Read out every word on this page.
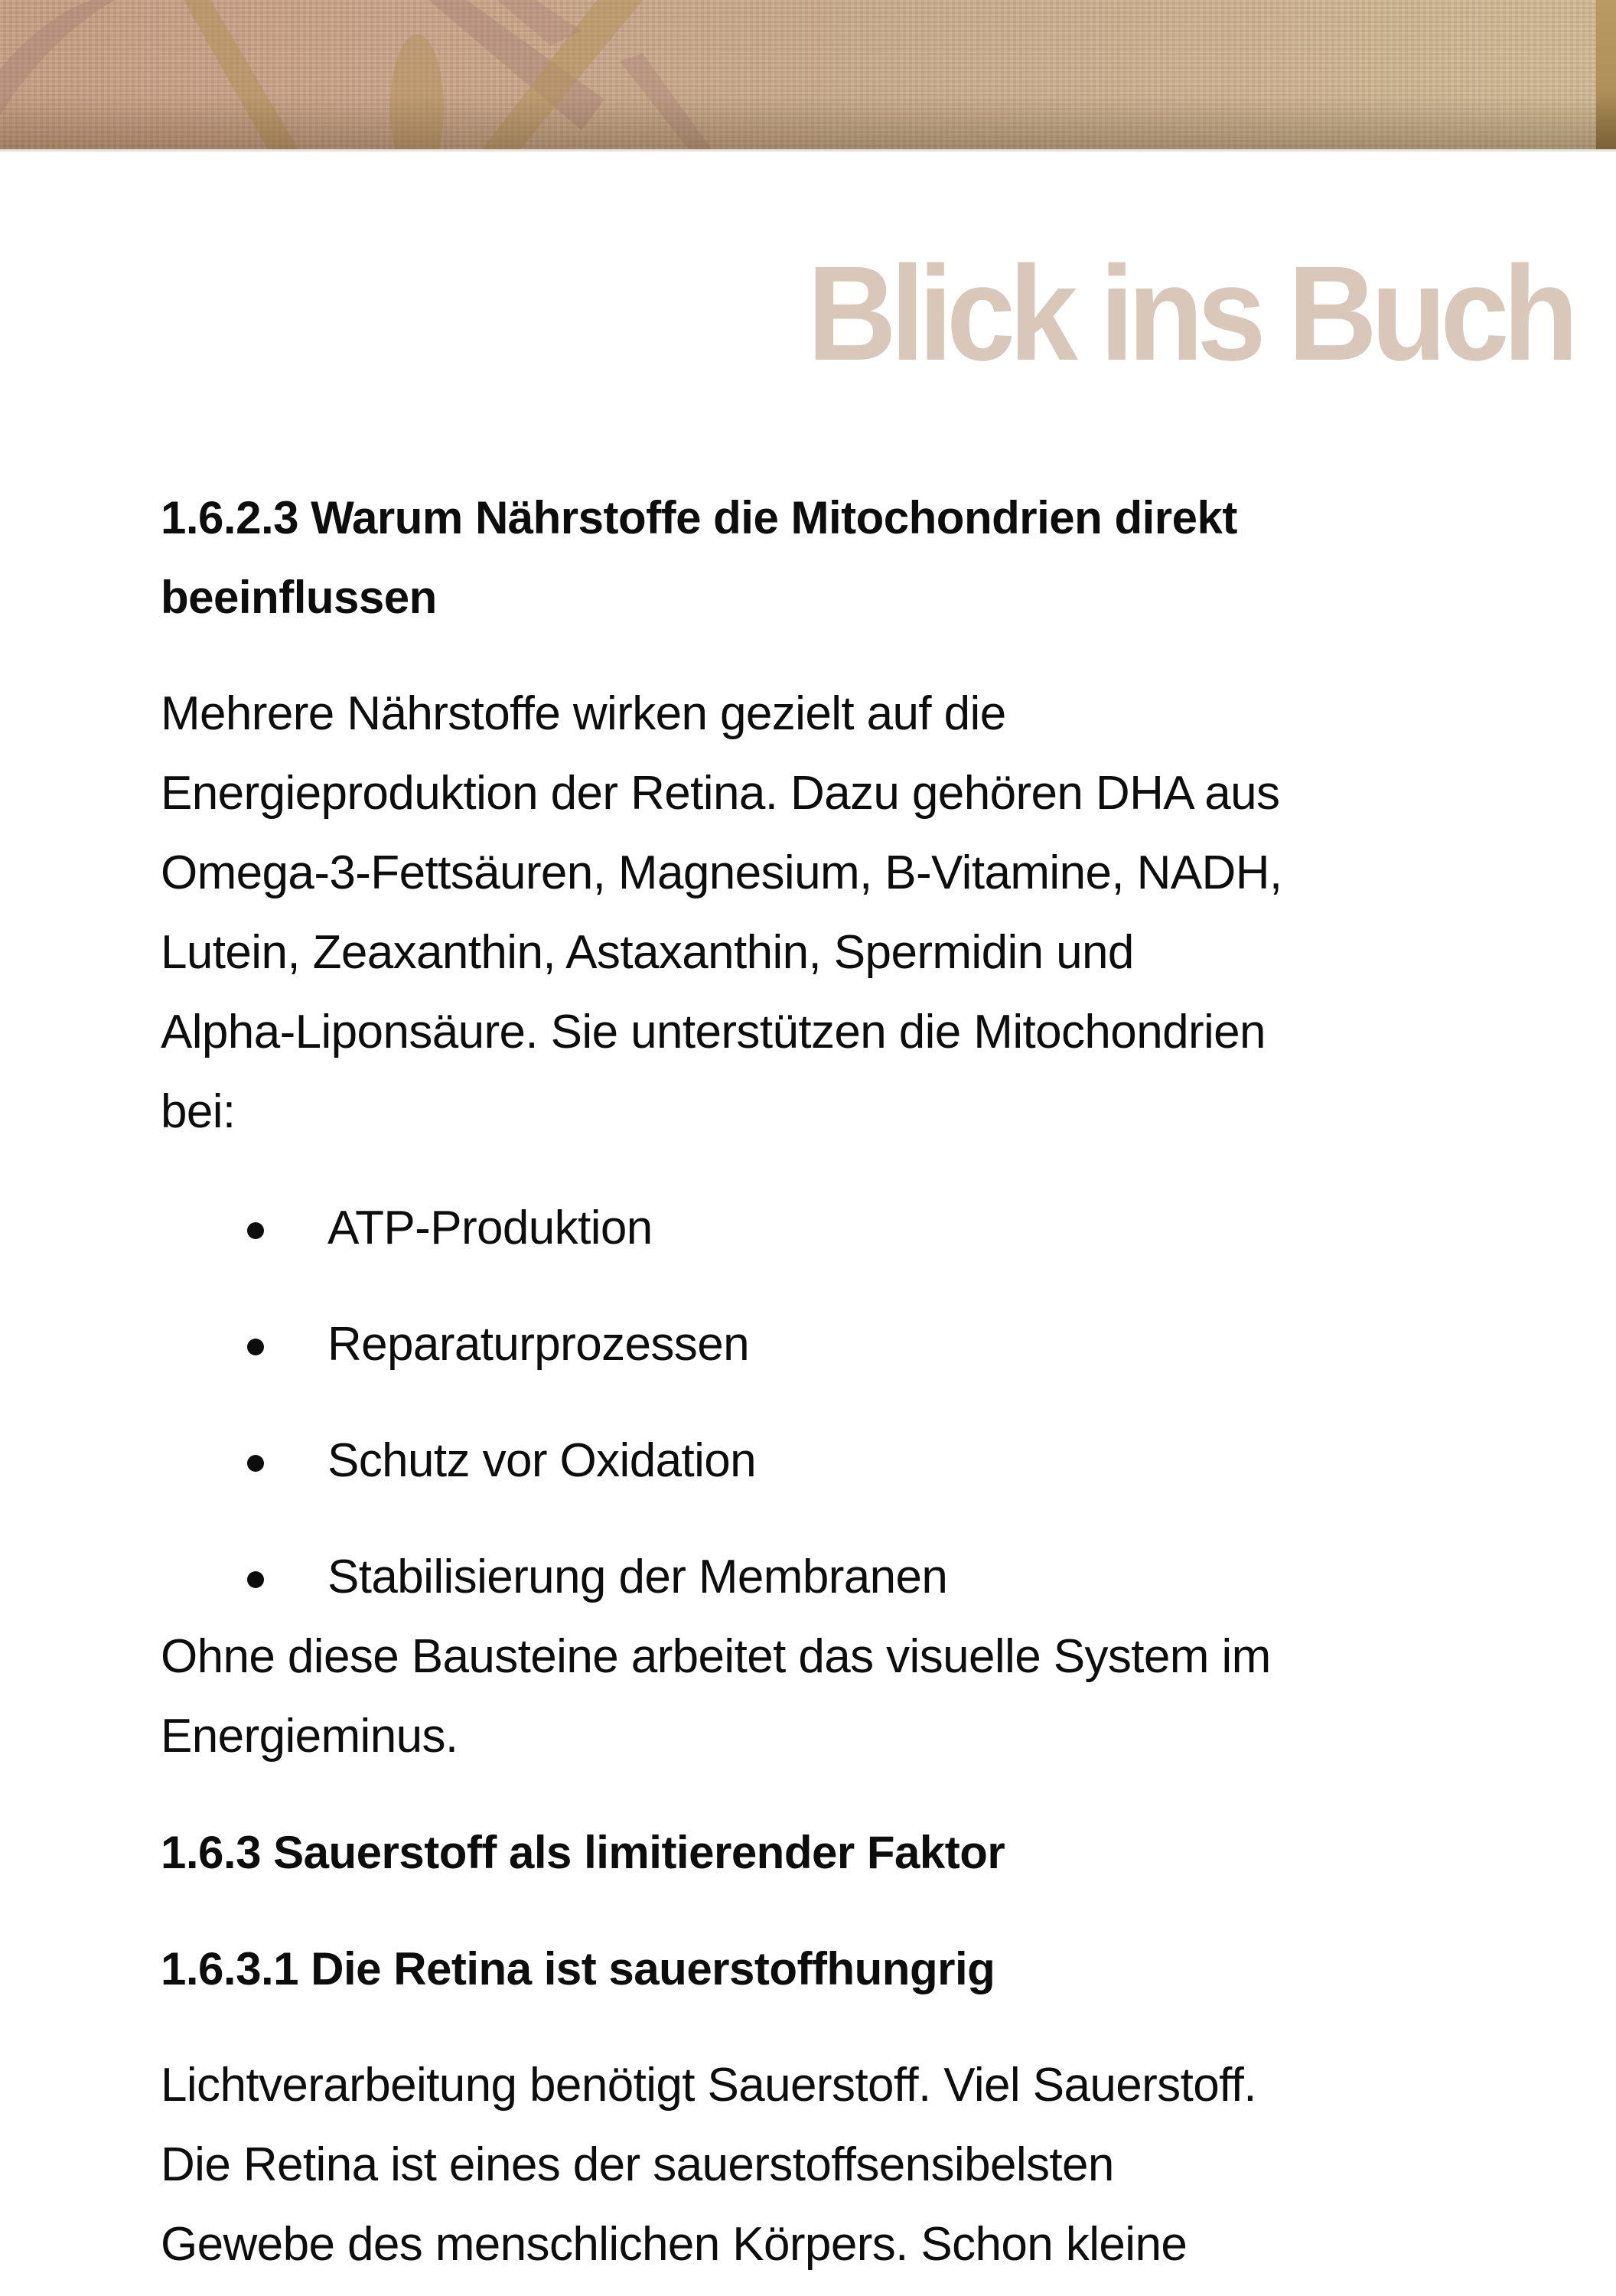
Blick ins Buch
1.6.2.3 Warum Nährstoffe die Mitochondrien direkt
beeinflussen

Mehrere Nährstoffe wirken gezielt auf die
Energieproduktion der Retina. Dazu gehören DHA aus
Omega-3-Fettsäuren, Magnesium, B-Vitamine, NADH,
Lutein, Zeaxanthin, Astaxanthin, Spermidin und
Alpha-Liponsäure. Sie unterstützen die Mitochondrien
bei:

ATP-Produktion
Reparaturprozessen
Schutz vor Oxidation
Stabilisierung der Membranen

Ohne diese Bausteine arbeitet das visuelle System im
Energieminus.

1.6.3 Sauerstoff als limitierender Faktor
1.6.3.1 Die Retina ist sauerstoffhungrig

Lichtverarbeitung benötigt Sauerstoff. Viel Sauerstoff.
Die Retina ist eines der sauerstoffsensibelsten
Gewebe des menschlichen Körpers. Schon kleine
